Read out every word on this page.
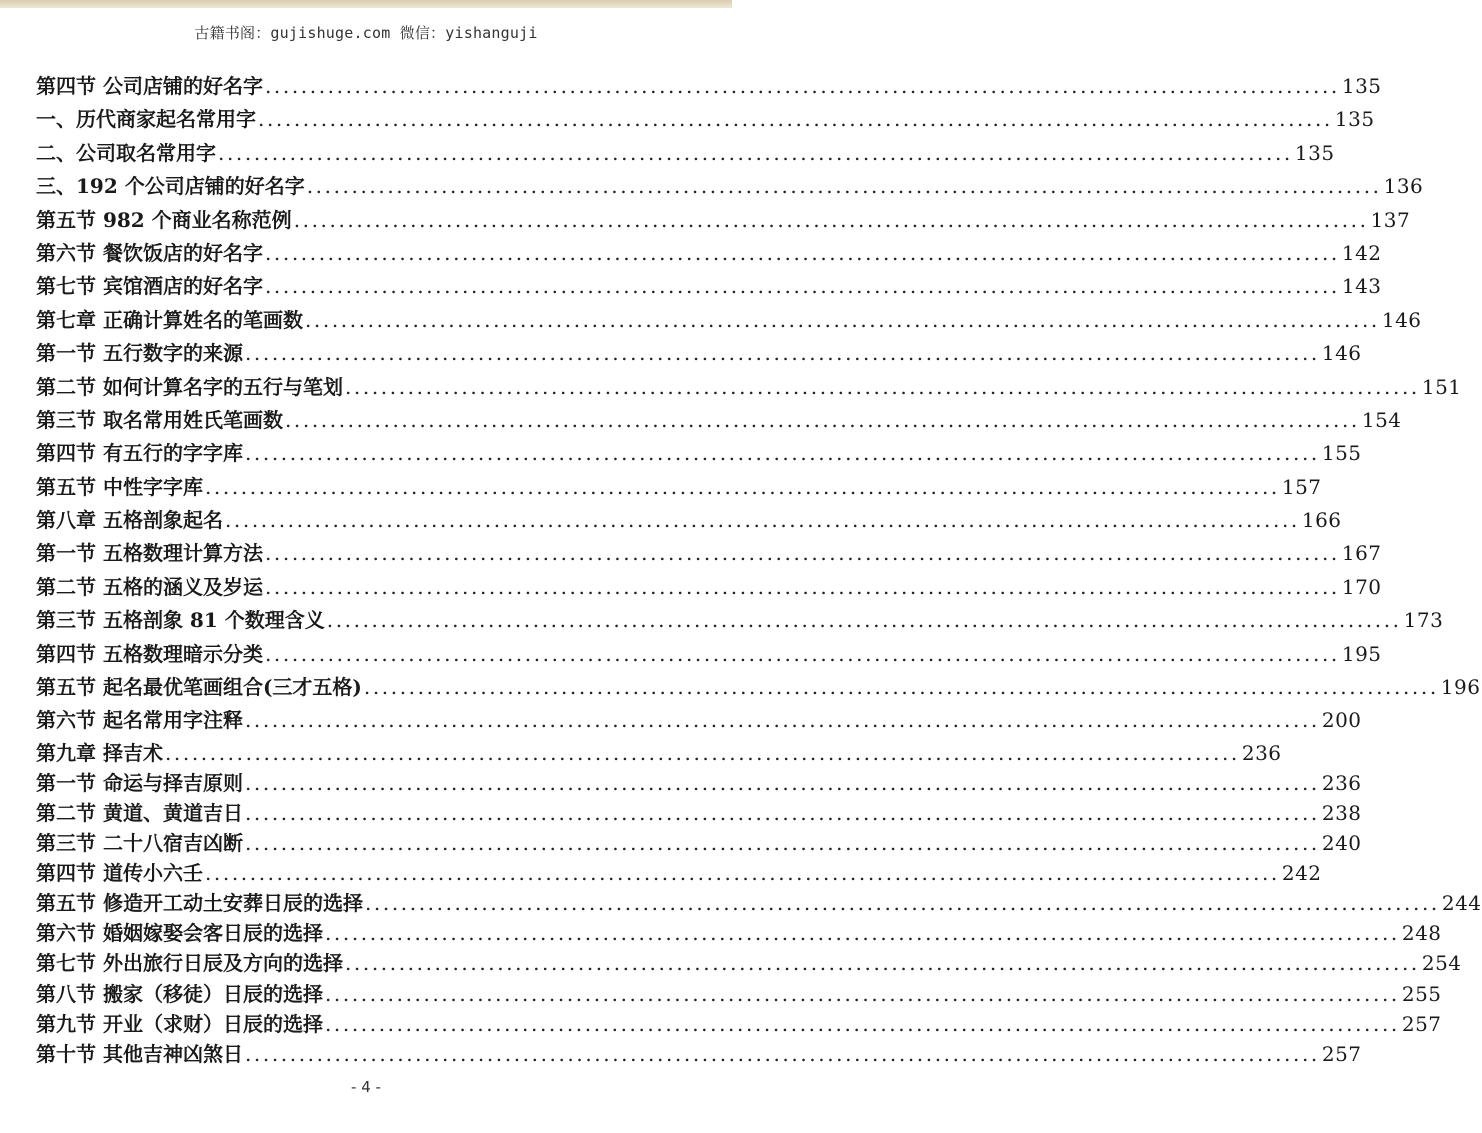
古籍书阁：gujishuge.com 微信：yishanguji
第四节 公司店铺的好名字 ........................................................................................................................ 135
一、历代商家起名常用字 ........................................................................................................................ 135
二、公司取名常用字 ........................................................................................................................ 135
三、192 个公司店铺的好名字 ........................................................................................................................ 136
第五节 982 个商业名称范例 ........................................................................................................................ 137
第六节 餐饮饭店的好名字 ........................................................................................................................ 142
第七节 宾馆酒店的好名字 ........................................................................................................................ 143
第七章 正确计算姓名的笔画数 ........................................................................................................................ 146
第一节 五行数字的来源 ........................................................................................................................ 146
第二节 如何计算名字的五行与笔划 ........................................................................................................................ 151
第三节 取名常用姓氏笔画数 ........................................................................................................................ 154
第四节 有五行的字字库 ........................................................................................................................ 155
第五节 中性字字库 ........................................................................................................................ 157
第八章 五格剖象起名 ........................................................................................................................ 166
第一节 五格数理计算方法 ........................................................................................................................ 167
第二节 五格的涵义及岁运 ........................................................................................................................ 170
第三节 五格剖象 81 个数理含义 ........................................................................................................................ 173
第四节 五格数理暗示分类 ........................................................................................................................ 195
第五节 起名最优笔画组合(三才五格) ........................................................................................................................ 196
第六节 起名常用字注释 ........................................................................................................................ 200
第九章 择吉术 ........................................................................................................................ 236
第一节 命运与择吉原则 ........................................................................................................................ 236
第二节 黄道、黄道吉日 ........................................................................................................................ 238
第三节 二十八宿吉凶断 ........................................................................................................................ 240
第四节 道传小六壬 ........................................................................................................................ 242
第五节 修造开工动土安葬日辰的选择 ........................................................................................................................ 244
第六节 婚姻嫁娶会客日辰的选择 ........................................................................................................................ 248
第七节 外出旅行日辰及方向的选择 ........................................................................................................................ 254
第八节 搬家（移徒）日辰的选择 ........................................................................................................................ 255
第九节 开业（求财）日辰的选择 ........................................................................................................................ 257
第十节 其他吉神凶煞日 ........................................................................................................................ 257
- 4 -
